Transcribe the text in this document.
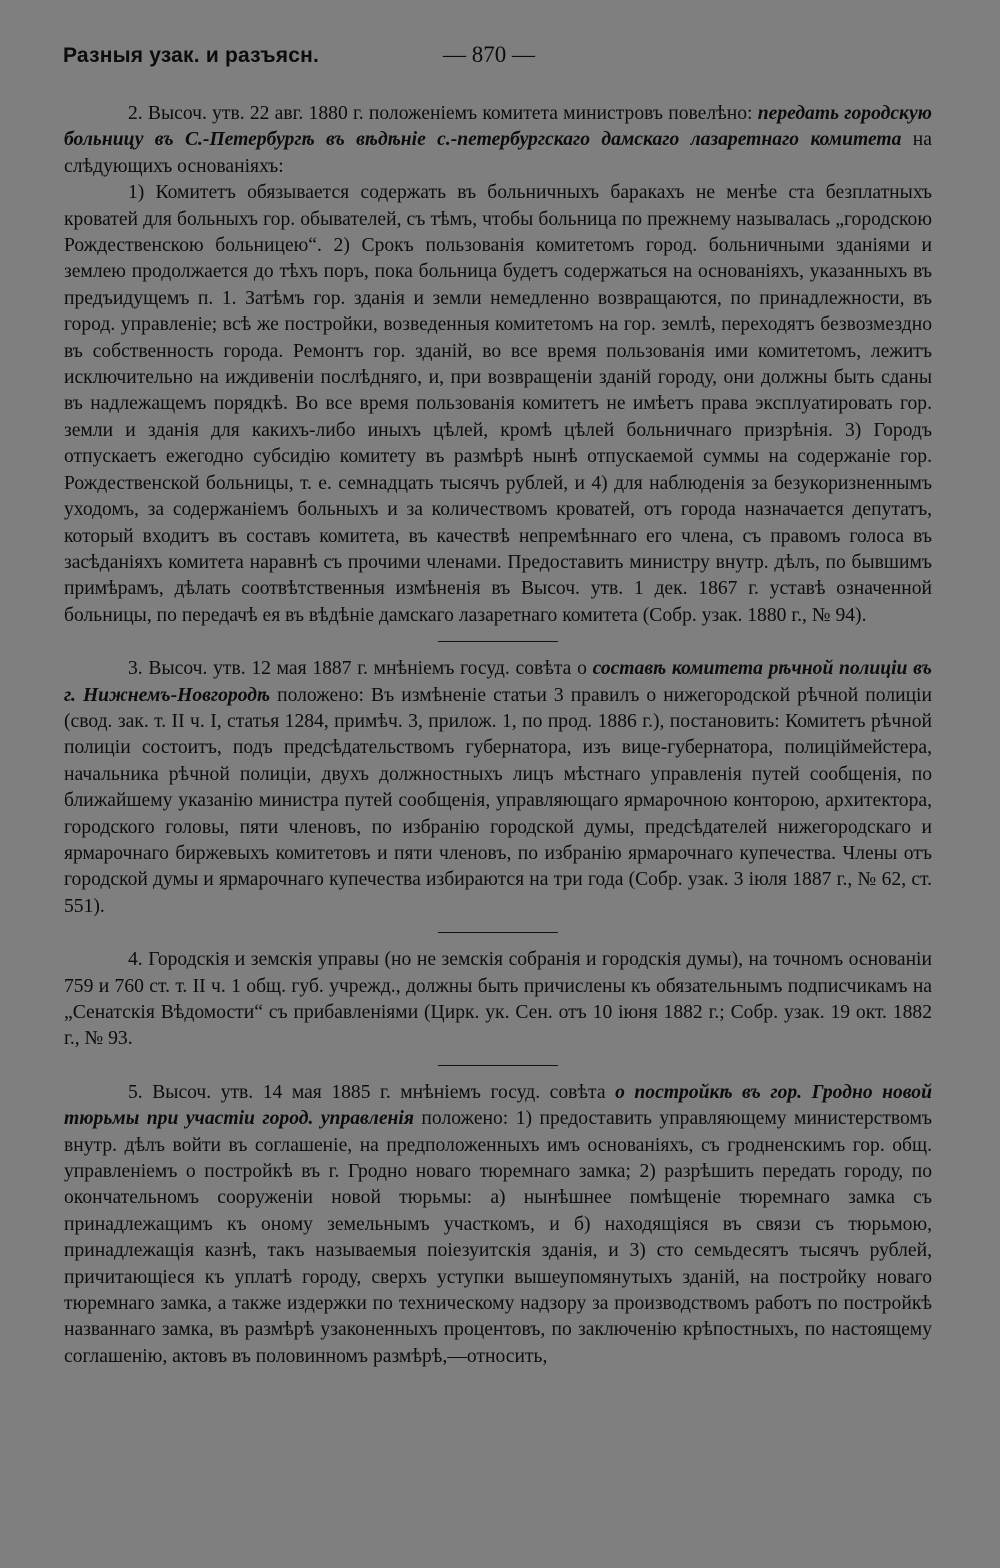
Разныя узак. и разъясн.	— 870 —

2. Высоч. утв. 22 авг. 1880 г. положеніемъ комитета министровъ повелѣно: передать городскую больницу въ С.-Петербургѣ въ вѣдѣніе с.-петербургскаго дамскаго лазаретнаго комитета на слѣдующихъ основаніяхъ:

1) Комитетъ обязывается содержать въ больничныхъ баракахъ не менѣе ста безплатныхъ кроватей для больныхъ гор. обывателей, съ тѣмъ, чтобы больница по прежнему называлась „городскою Рождественскою больницею“. 2) Срокъ пользованія комитетомъ город. больничными зданіями и землею продолжается до тѣхъ поръ, пока больница будетъ содержаться на основаніяхъ, указанныхъ въ предъидущемъ п. 1. Затѣмъ гор. зданія и земли немедленно возвращаются, по принадлежности, въ город. управленіе; всѣ же постройки, возведенныя комитетомъ на гор. землѣ, переходятъ безвозмездно въ собственность города. Ремонтъ гор. зданій, во все время пользованія ими комитетомъ, лежитъ исключительно на иждивеніи послѣдняго, и, при возвращеніи зданій городу, они должны быть сданы въ надлежащемъ порядкѣ. Во все время пользованія комитетъ не имѣетъ права эксплуатировать гор. земли и зданія для какихъ-либо иныхъ цѣлей, кромѣ цѣлей больничнаго призрѣнія. 3) Городъ отпускаетъ ежегодно субсидію комитету въ размѣрѣ нынѣ отпускаемой суммы на содержаніе гор. Рождественской больницы, т. е. семнадцать тысячъ рублей, и 4) для наблюденія за безукоризненнымъ уходомъ, за содержаніемъ больныхъ и за количествомъ кроватей, отъ города назначается депутатъ, который входитъ въ составъ комитета, въ качествѣ непремѣннаго его члена, съ правомъ голоса въ засѣданіяхъ комитета наравнѣ съ прочими членами. Предоставить министру внутр. дѣлъ, по бывшимъ примѣрамъ, дѣлать соотвѣтственныя измѣненія въ Высоч. утв. 1 дек. 1867 г. уставѣ означенной больницы, по передачѣ ея въ вѣдѣніе дамскаго лазаретнаго комитета (Собр. узак. 1880 г., № 94).

3. Высоч. утв. 12 мая 1887 г. мнѣніемъ госуд. совѣта о составѣ комитета рѣчной полиціи въ г. Нижнемъ-Новгородѣ положено: Въ измѣненіе статьи 3 правилъ о нижегородской рѣчной полиціи (свод. зак. т. II ч. I, статья 1284, примѣч. 3, прилож. 1, по прод. 1886 г.), постановить: Комитетъ рѣчной полиціи состоитъ, подъ предсѣдательствомъ губернатора, изъ вице-губернатора, полиціймейстера, начальника рѣчной полиціи, двухъ должностныхъ лицъ мѣстнаго управленія путей сообщенія, по ближайшему указанію министра путей сообщенія, управляющаго ярмарочною конторою, архитектора, городского головы, пяти членовъ, по избранію городской думы, предсѣдателей нижегородскаго и ярмарочнаго биржевыхъ комитетовъ и пяти членовъ, по избранію ярмарочнаго купечества. Члены отъ городской думы и ярмарочнаго купечества избираются на три года (Собр. узак. 3 іюля 1887 г., № 62, ст. 551).

4. Городскія и земскія управы (но не земскія собранія и городскія думы), на точномъ основаніи 759 и 760 ст. т. II ч. 1 общ. губ. учрежд., должны быть причислены къ обязательнымъ подписчикамъ на „Сенатскія Вѣдомости“ съ прибавленіями (Цирк. ук. Сен. отъ 10 іюня 1882 г.; Собр. узак. 19 окт. 1882 г., № 93.

5. Высоч. утв. 14 мая 1885 г. мнѣніемъ госуд. совѣта о постройкѣ въ гор. Гродно новой тюрьмы при участіи город. управленія положено: 1) предоставить управляющему министерствомъ внутр. дѣлъ войти въ соглашеніе, на предположенныхъ имъ основаніяхъ, съ гродненскимъ гор. общ. управленіемъ о постройкѣ въ г. Гродно новаго тюремнаго замка; 2) разрѣшить передать городу, по окончательномъ сооруженіи новой тюрьмы: а) нынѣшнее помѣщеніе тюремнаго замка съ принадлежащимъ къ оному земельнымъ участкомъ, и б) находящіяся въ связи съ тюрьмою, принадлежащія казнѣ, такъ называемыя поіезуитскія зданія, и 3) сто семьдесятъ тысячъ рублей, причитающіеся къ уплатѣ городу, сверхъ уступки вышеупомянутыхъ зданій, на постройку новаго тюремнаго замка, а также издержки по техническому надзору за производствомъ работъ по постройкѣ названнаго замка, въ размѣрѣ узаконенныхъ процентовъ, по заключенію крѣпостныхъ, по настоящему соглашенію, актовъ въ половинномъ размѣрѣ,—относить,
